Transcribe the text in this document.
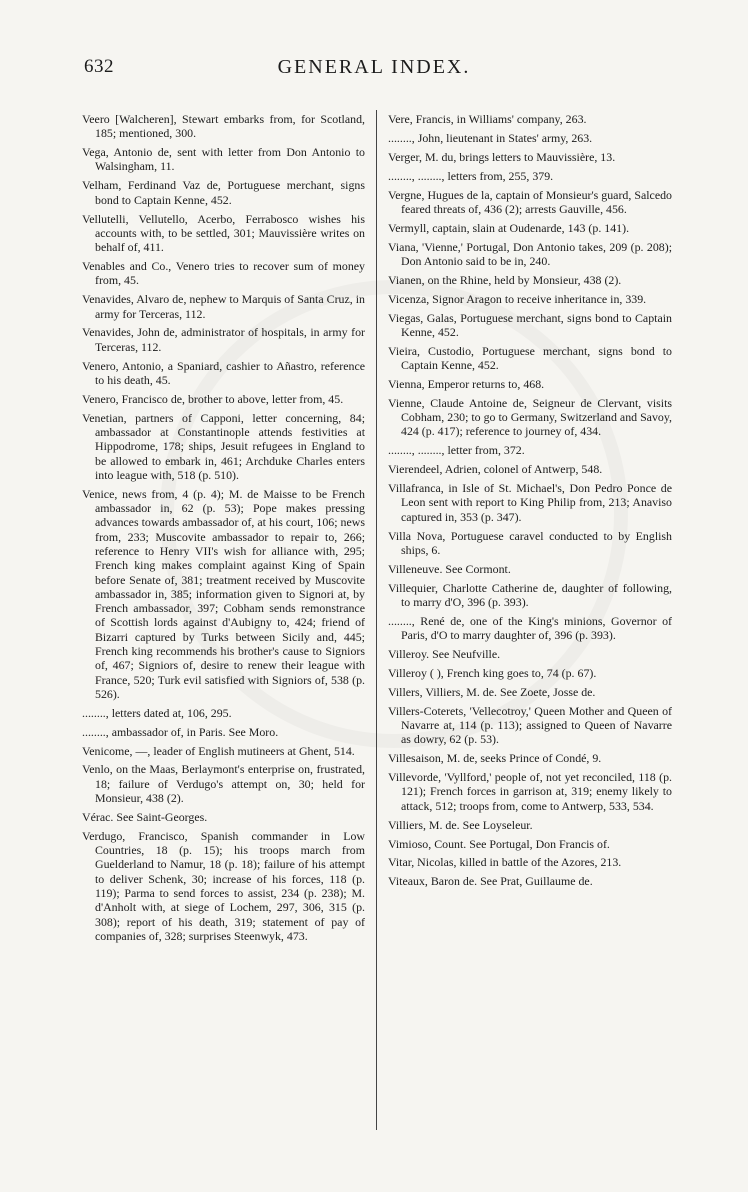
632	GENERAL INDEX.

Veero [Walcheren], Stewart embarks from, for Scotland, 185; mentioned, 300.

Vega, Antonio de, sent with letter from Don Antonio to Walsingham, 11.

Velham, Ferdinand Vaz de, Portuguese merchant, signs bond to Captain Kenne, 452.

Vellutelli, Vellutello, Acerbo, Ferrabosco wishes his accounts with, to be settled, 301; Mauvissière writes on behalf of, 411.

Venables and Co., Venero tries to recover sum of money from, 45.

Venavides, Alvaro de, nephew to Marquis of Santa Cruz, in army for Terceras, 112.

Venavides, John de, administrator of hospitals, in army for Terceras, 112.

Venero, Antonio, a Spaniard, cashier to Añastro, reference to his death, 45.

Venero, Francisco de, brother to above, letter from, 45.

Venetian, partners of Capponi, letter concerning, 84; ambassador at Constantinople attends festivities at Hippodrome, 178; ships, Jesuit refugees in England to be allowed to embark in, 461; Archduke Charles enters into league with, 518 (p. 510).

Venice, news from, 4 (p. 4); M. de Maisse to be French ambassador in, 62 (p. 53); Pope makes pressing advances towards ambassador of, at his court, 106; news from, 233; Muscovite ambassador to repair to, 266; reference to Henry VII's wish for alliance with, 295; French king makes complaint against King of Spain before Senate of, 381; treatment received by Muscovite ambassador in, 385; information given to Signori at, by French ambassador, 397; Cobham sends remonstrance of Scottish lords against d'Aubigny to, 424; friend of Bizarri captured by Turks between Sicily and, 445; French king recommends his brother's cause to Signiors of, 467; Signiors of, desire to renew their league with France, 520; Turk evil satisfied with Signiors of, 538 (p. 526).

........, letters dated at, 106, 295.

........, ambassador of, in Paris. See Moro.

Venicome, —, leader of English mutineers at Ghent, 514.

Venlo, on the Maas, Berlaymont's enterprise on, frustrated, 18; failure of Verdugo's attempt on, 30; held for Monsieur, 438 (2).

Vérac. See Saint-Georges.

Verdugo, Francisco, Spanish commander in Low Countries, 18 (p. 15); his troops march from Guelderland to Namur, 18 (p. 18); failure of his attempt to deliver Schenk, 30; increase of his forces, 118 (p. 119); Parma to send forces to assist, 234 (p. 238); M. d'Anholt with, at siege of Lochem, 297, 306, 315 (p. 308); report of his death, 319; statement of pay of companies of, 328; surprises Steenwyk, 473.

Vere, Francis, in Williams' company, 263.

........, John, lieutenant in States' army, 263.

Verger, M. du, brings letters to Mauvissière, 13.

........, ........, letters from, 255, 379.

Vergne, Hugues de la, captain of Monsieur's guard, Salcedo feared threats of, 436 (2); arrests Gauville, 456.

Vermyll, captain, slain at Oudenarde, 143 (p. 141).

Viana, 'Vienne,' Portugal, Don Antonio takes, 209 (p. 208); Don Antonio said to be in, 240.

Vianen, on the Rhine, held by Monsieur, 438 (2).

Vicenza, Signor Aragon to receive inheritance in, 339.

Viegas, Galas, Portuguese merchant, signs bond to Captain Kenne, 452.

Vieira, Custodio, Portuguese merchant, signs bond to Captain Kenne, 452.

Vienna, Emperor returns to, 468.

Vienne, Claude Antoine de, Seigneur de Clervant, visits Cobham, 230; to go to Germany, Switzerland and Savoy, 424 (p. 417); reference to journey of, 434.

........, ........, letter from, 372.

Vierendeel, Adrien, colonel of Antwerp, 548.

Villafranca, in Isle of St. Michael's, Don Pedro Ponce de Leon sent with report to King Philip from, 213; Anaviso captured in, 353 (p. 347).

Villa Nova, Portuguese caravel conducted to by English ships, 6.

Villeneuve. See Cormont.

Villequier, Charlotte Catherine de, daughter of following, to marry d'O, 396 (p. 393).

........, René de, one of the King's minions, Governor of Paris, d'O to marry daughter of, 396 (p. 393).

Villeroy. See Neufville.

Villeroy ( ), French king goes to, 74 (p. 67).

Villers, Villiers, M. de. See Zoete, Josse de.

Villers-Coterets, 'Vellecotroy,' Queen Mother and Queen of Navarre at, 114 (p. 113); assigned to Queen of Navarre as dowry, 62 (p. 53).

Villesaison, M. de, seeks Prince of Condé, 9.

Villevorde, 'Vyllford,' people of, not yet reconciled, 118 (p. 121); French forces in garrison at, 319; enemy likely to attack, 512; troops from, come to Antwerp, 533, 534.

Villiers, M. de. See Loyseleur.

Vimioso, Count. See Portugal, Don Francis of.

Vitar, Nicolas, killed in battle of the Azores, 213.

Viteaux, Baron de. See Prat, Guillaume de.
